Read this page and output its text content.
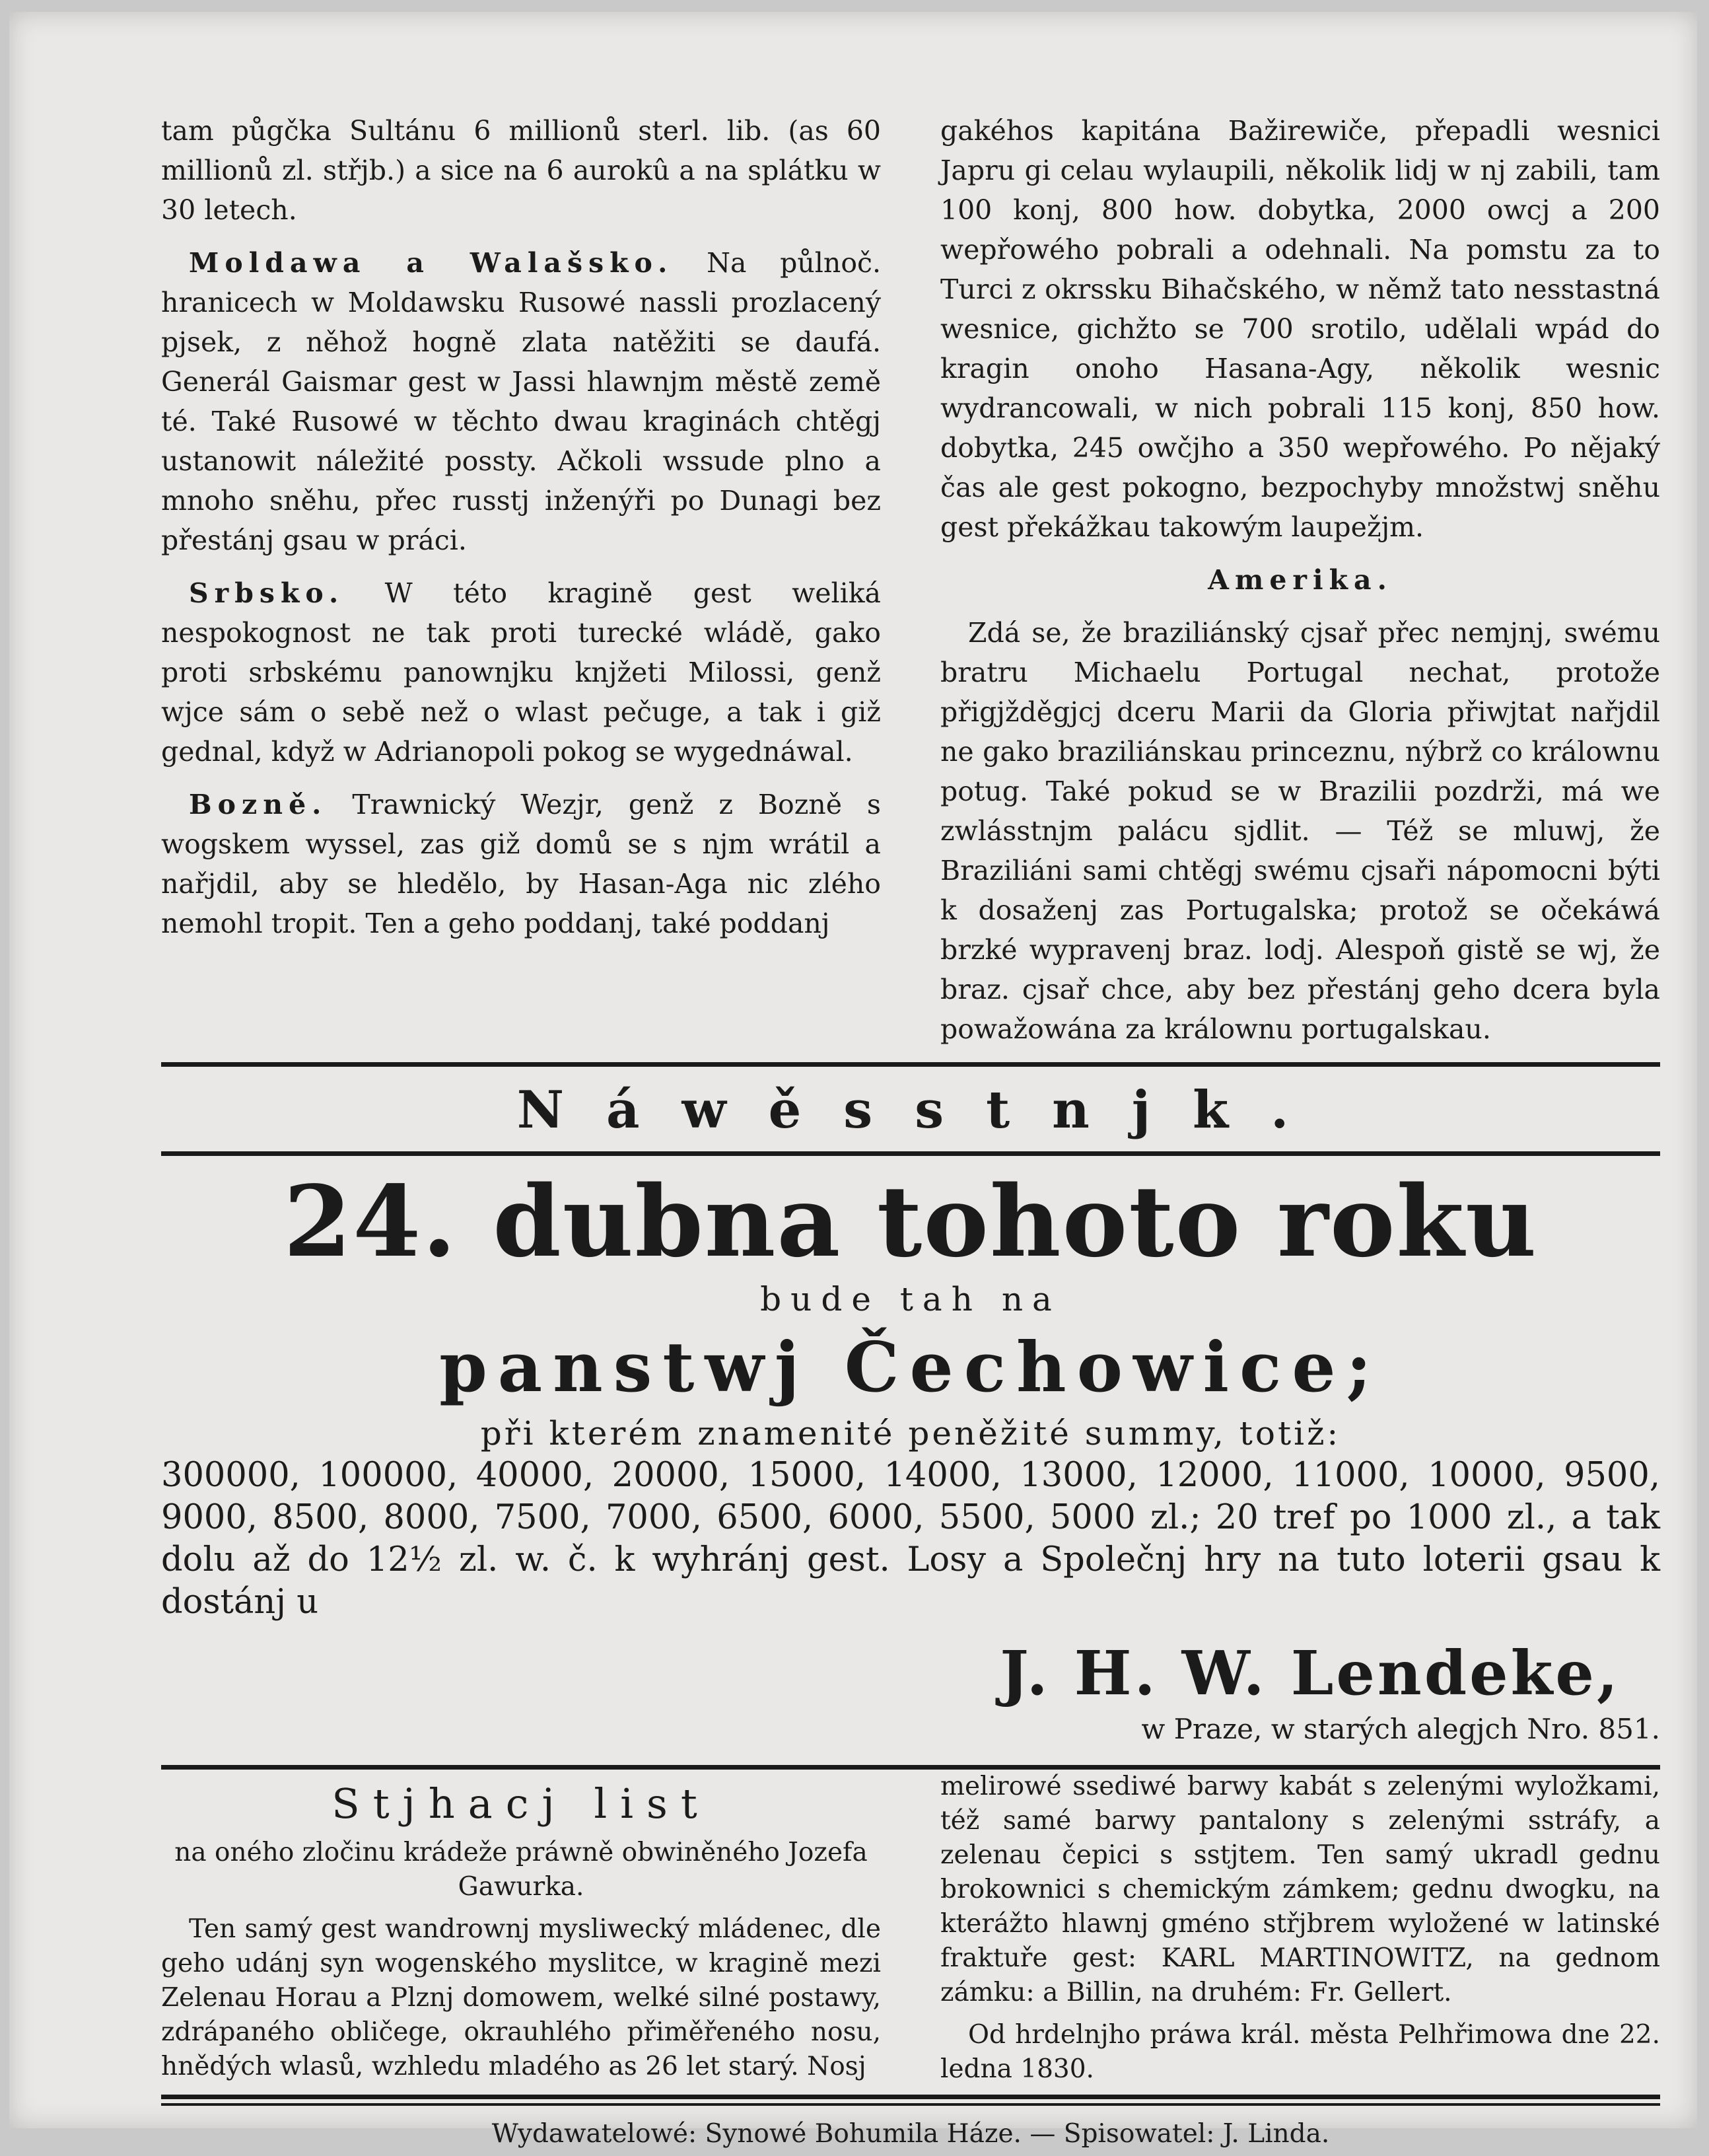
tam půgčka Sultánu 6 millionů sterl. lib. (as 60 millionů zl. střjb.) a sice na 6 aurokû a na splátku w 30 letech.

Moldawa a Walašsko. Na půlnoč. hranicech w Moldawsku Rusowé nassli prozlacený pjsek, z něhož hogně zlata natěžiti se daufá. Generál Gaismar gest w Jassi hlawnjm městě země té. Také Rusowé w těchto dwau kraginách chtěgj ustanowit náležité possty. Ačkoli wssude plno a mnoho sněhu, přec russtj inženýři po Dunagi bez přestánj gsau w práci.

Srbsko. W této kragině gest weliká nespokognost ne tak proti turecké wládě, gako proti srbskému panownjku knjžeti Milossi, genž wjce sám o sebě než o wlast pečuge, a tak i giž gednal, když w Adrianopoli pokog se wygednáwal.

Bozně. Trawnický Wezjr, genž z Bozně s wogskem wyssel, zas giž domů se s njm wrátil a nařjdil, aby se hledělo, by Hasan-Aga nic zlého nemohl tropit. Ten a geho poddanj, také poddanj

gakéhos kapitána Bažirewiče, přepadli wesnici Japru gi celau wylaupili, několik lidj w nj zabili, tam 100 konj, 800 how. dobytka, 2000 owcj a 200 wepřowého pobrali a odehnali. Na pomstu za to Turci z okrssku Bihačského, w němž tato nesstastná wesnice, gichžto se 700 srotilo, udělali wpád do kragin onoho Hasana-Agy, několik wesnic wydrancowali, w nich pobrali 115 konj, 850 how. dobytka, 245 owčjho a 350 wepřowého. Po nějaký čas ale gest pokogno, bezpochyby množstwj sněhu gest překážkau takowým laupežjm.

Amerika.

Zdá se, že braziliánský cjsař přec nemjnj, swému bratru Michaelu Portugal nechat, protože přigjžděgjcj dceru Marii da Gloria přiwjtat nařjdil ne gako braziliánskau princeznu, nýbrž co králownu potug. Také pokud se w Brazilii pozdrži, má we zwlásstnjm palácu sjdlit. — Též se mluwj, že Braziliáni sami chtěgj swému cjsaři nápomocni býti k dosaženj zas Portugalska; protož se očekáwá brzké wypravenj braz. lodj. Alespoň gistě se wj, že braz. cjsař chce, aby bez přestánj geho dcera byla powažowána za králownu portugalskau.

Náwěsstnjk.
24. dubna tohoto roku
bude tah na
panstwj Čechowice;
při kterém znamenité peněžité summy, totiž:
300000, 100000, 40000, 20000, 15000, 14000, 13000, 12000, 11000, 10000, 9500, 9000, 8500, 8000, 7500, 7000, 6500, 6000, 5500, 5000 zl.; 20 tref po 1000 zl., a tak dolu až do 12½ zl. w. č. k wyhránj gest. Losy a Společnj hry na tuto loterii gsau k dostánj u
J. H. W. Lendeke,
w Praze, w starých alegjch Nro. 851.
Stjhacj list

na oného zločinu krádeže práwně obwiněného Jozefa Gawurka.

Ten samý gest wandrownj mysliwecký mládenec, dle geho udánj syn wogenského myslitce, w kragině mezi Zelenau Horau a Plznj domowem, welké silné postawy, zdrápaného obličege, okrauhlého přiměřeného nosu, hnědých wlasů, wzhledu mladého as 26 let starý. Nosj

melirowé ssediwé barwy kabát s zelenými wyložkami, též samé barwy pantalony s zelenými sstráfy, a zelenau čepici s sstjtem. Ten samý ukradl gednu brokownici s chemickým zámkem; gednu dwogku, na kterážto hlawnj gméno střjbrem wyložené w latinské fraktuře gest: KARL MARTINOWITZ, na gednom zámku: a Billin, na druhém: Fr. Gellert.

Od hrdelnjho práwa král. města Pelhřimowa dne 22. ledna 1830.

Wydawatelowé: Synowé Bohumila Háze. — Spisowatel: J. Linda.
